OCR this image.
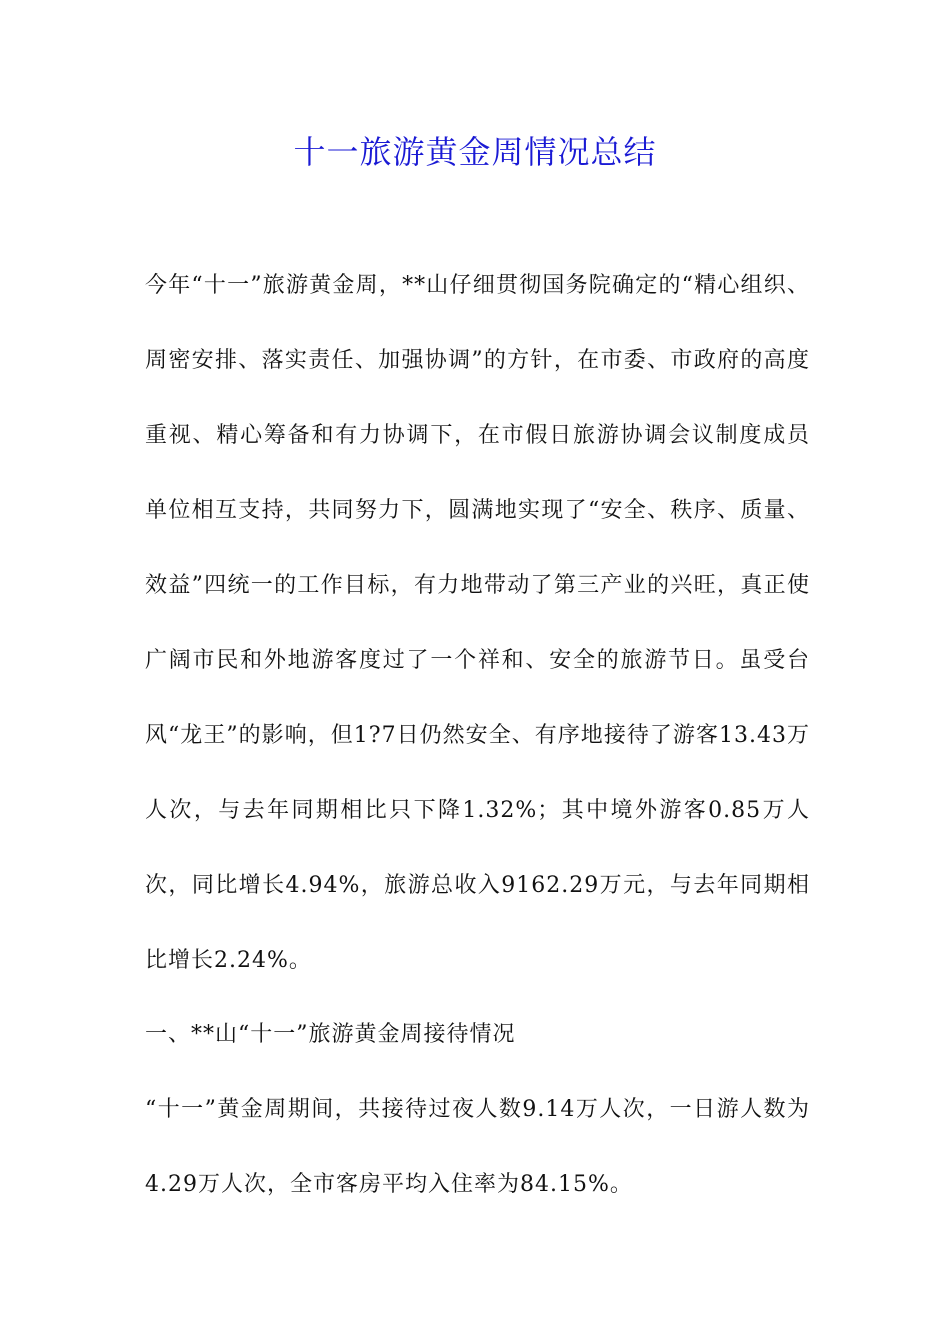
十一旅游黄金周情况总结

今年“十一”旅游黄金周，**山仔细贯彻国务院确定的“精心组织、周密安排、落实责任、加强协调”的方针，在市委、市政府的高度重视、精心筹备和有力协调下，在市假日旅游协调会议制度成员单位相互支持，共同努力下，圆满地实现了“安全、秩序、质量、效益”四统一的工作目标，有力地带动了第三产业的兴旺，真正使广阔市民和外地游客度过了一个祥和、安全的旅游节日。虽受台风“龙王”的影响，但1?7日仍然安全、有序地接待了游客13.43万人次，与去年同期相比只下降1.32%；其中境外游客0.85万人次，同比增长4.94%，旅游总收入9162.29万元，与去年同期相比增长2.24%。

一、**山“十一”旅游黄金周接待情况

“十一”黄金周期间，共接待过夜人数9.14万人次，一日游人数为4.29万人次，全市客房平均入住率为84.15%。
